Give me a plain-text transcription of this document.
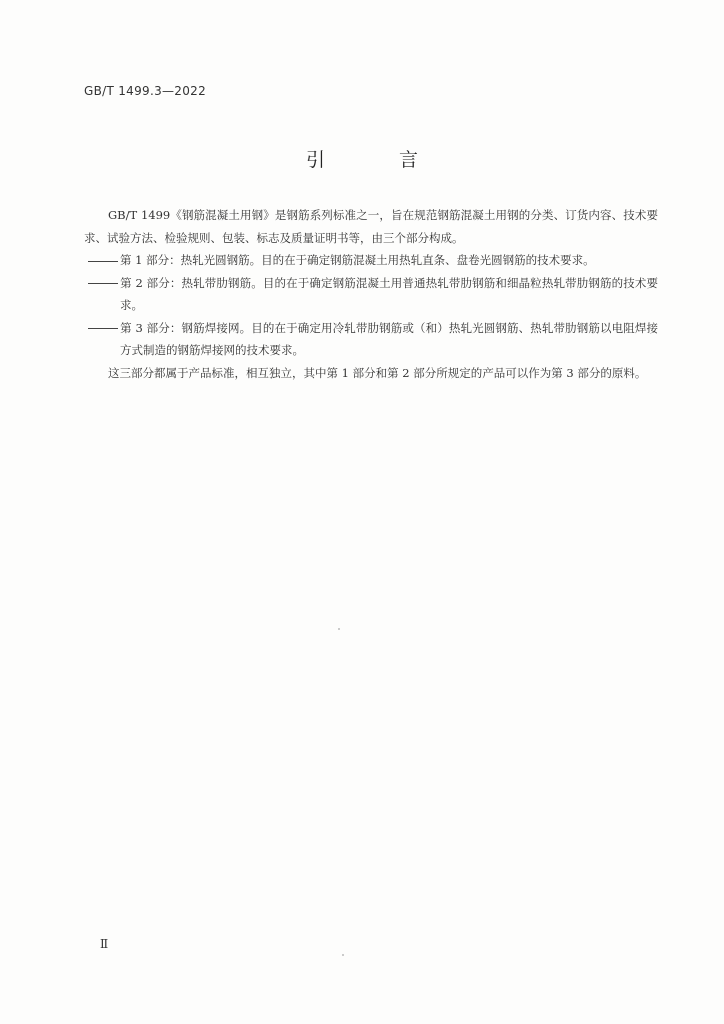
GB/T 1499.3—2022
引 言

GB/T 1499《钢筋混凝土用钢》是钢筋系列标准之一，旨在规范钢筋混凝土用钢的分类、订货内容、技术要求、试验方法、检验规则、包装、标志及质量证明书等，由三个部分构成。

第 1 部分：热轧光圆钢筋。目的在于确定钢筋混凝土用热轧直条、盘卷光圆钢筋的技术要求。

第 2 部分：热轧带肋钢筋。目的在于确定钢筋混凝土用普通热轧带肋钢筋和细晶粒热轧带肋钢筋的技术要求。

第 3 部分：钢筋焊接网。目的在于确定用冷轧带肋钢筋或（和）热轧光圆钢筋、热轧带肋钢筋以电阻焊接方式制造的钢筋焊接网的技术要求。

这三部分都属于产品标准，相互独立，其中第 1 部分和第 2 部分所规定的产品可以作为第 3 部分的原料。

Ⅱ
